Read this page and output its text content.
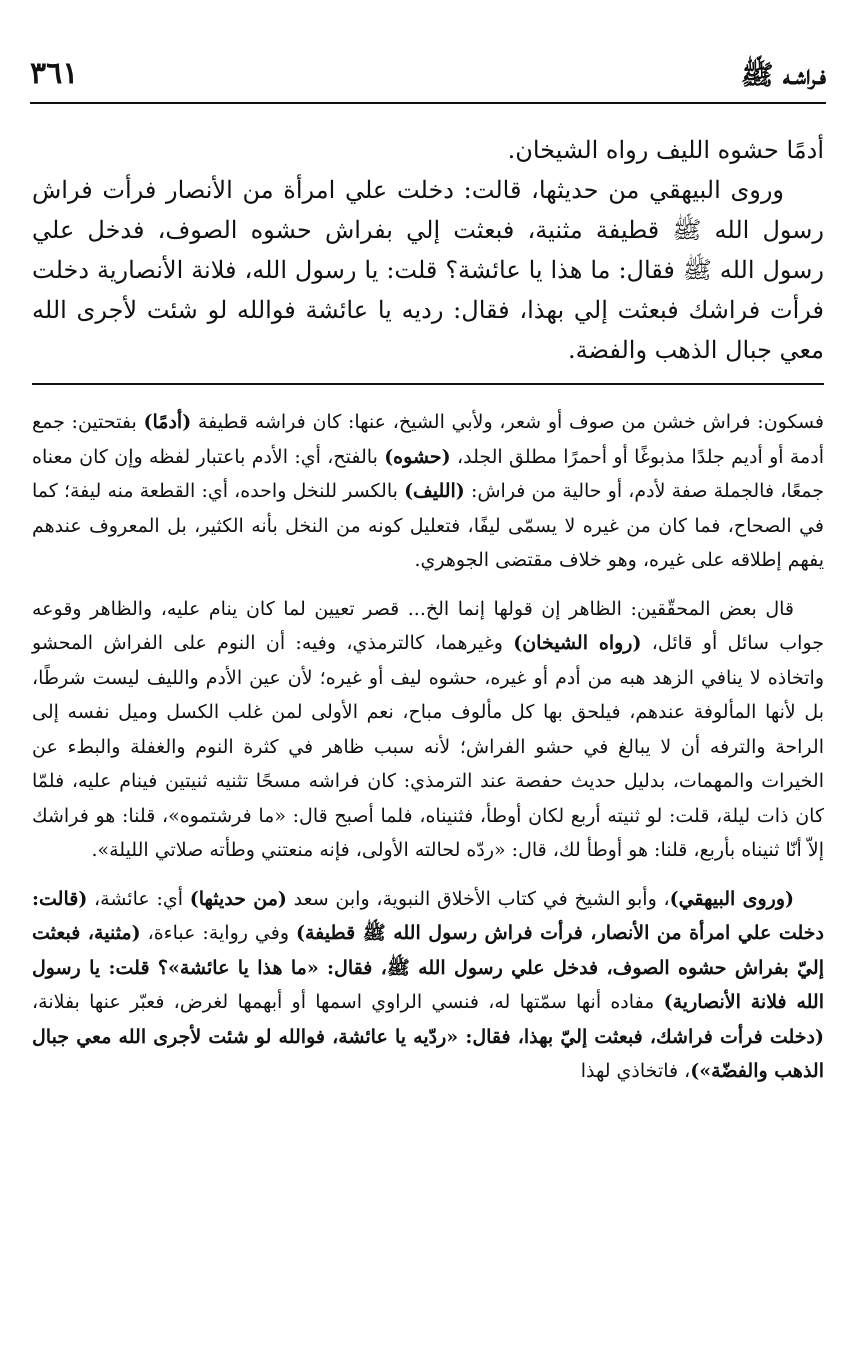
فـراشـه ﷺ
٣٦١

أدمًا حشوه الليف رواه الشيخان.

وروى البيهقي من حديثها، قالت: دخلت علي امرأة من الأنصار فرأت فراش رسول الله ﷺ قطيفة مثنية، فبعثت إلي بفراش حشوه الصوف، فدخل علي رسول الله ﷺ فقال: ما هذا يا عائشة؟ قلت: يا رسول الله، فلانة الأنصارية دخلت فرأت فراشك فبعثت إلي بهذا، فقال: رديه يا عائشة فوالله لو شئت لأجرى الله معي جبال الذهب والفضة.

فسكون: فراش خشن من صوف أو شعر، ولأبي الشيخ، عنها: كان فراشه قطيفة (أدمًا) بفتحتين: جمع أدمة أو أديم جلدًا مذبوغًا أو أحمرًا مطلق الجلد، (حشوه) بالفتح، أي: الأدم باعتبار لفظه وإن كان معناه جمعًا، فالجملة صفة لأدم، أو حالية من فراش: (الليف) بالكسر للنخل واحده، أي: القطعة منه ليفة؛ كما في الصحاح، فما كان من غيره لا يسمّى ليفًا، فتعليل كونه من النخل بأنه الكثير، بل المعروف عندهم يفهم إطلاقه على غيره، وهو خلاف مقتضى الجوهري.

قال بعض المحقّقين: الظاهر إن قولها إنما الخ... قصر تعيين لما كان ينام عليه، والظاهر وقوعه جواب سائل أو قائل، (رواه الشيخان) وغيرهما، كالترمذي، وفيه: أن النوم على الفراش المحشو واتخاذه لا ينافي الزهد هبه من أدم أو غيره، حشوه ليف أو غيره؛ لأن عين الأدم والليف ليست شرطًا، بل لأنها المألوفة عندهم، فيلحق بها كل مألوف مباح، نعم الأولى لمن غلب الكسل وميل نفسه إلى الراحة والترفه أن لا يبالغ في حشو الفراش؛ لأنه سبب ظاهر في كثرة النوم والغفلة والبطء عن الخيرات والمهمات، بدليل حديث حفصة عند الترمذي: كان فراشه مسحًا تثنيه ثنيتين فينام عليه، فلمّا كان ذات ليلة، قلت: لو ثنيته أربع لكان أوطأ، فثنيناه، فلما أصبح قال: «ما فرشتموه»، قلنا: هو فراشك إلاّ أنّا ثنيناه بأربع، قلنا: هو أوطأ لك، قال: «ردّه لحالته الأولى، فإنه منعتني وطأته صلاتي الليلة».

(وروى البيهقي)، وأبو الشيخ في كتاب الأخلاق النبوية، وابن سعد (من حديثها) أي: عائشة، (قالت: دخلت علي امرأة من الأنصار، فرأت فراش رسول الله ﷺ قطيفة) وفي رواية: عباءة، (مثنية، فبعثت إليّ بفراش حشوه الصوف، فدخل علي رسول الله ﷺ، فقال: «ما هذا يا عائشة»؟ قلت: يا رسول الله فلانة الأنصارية) مفاده أنها سمّتها له، فنسي الراوي اسمها أو أبهمها لغرض، فعبّر عنها بفلانة، (دخلت فرأت فراشك، فبعثت إليّ بهذا، فقال: «ردّيه يا عائشة، فوالله لو شئت لأجرى الله معي جبال الذهب والفضّة»)، فاتخاذي لهذا
